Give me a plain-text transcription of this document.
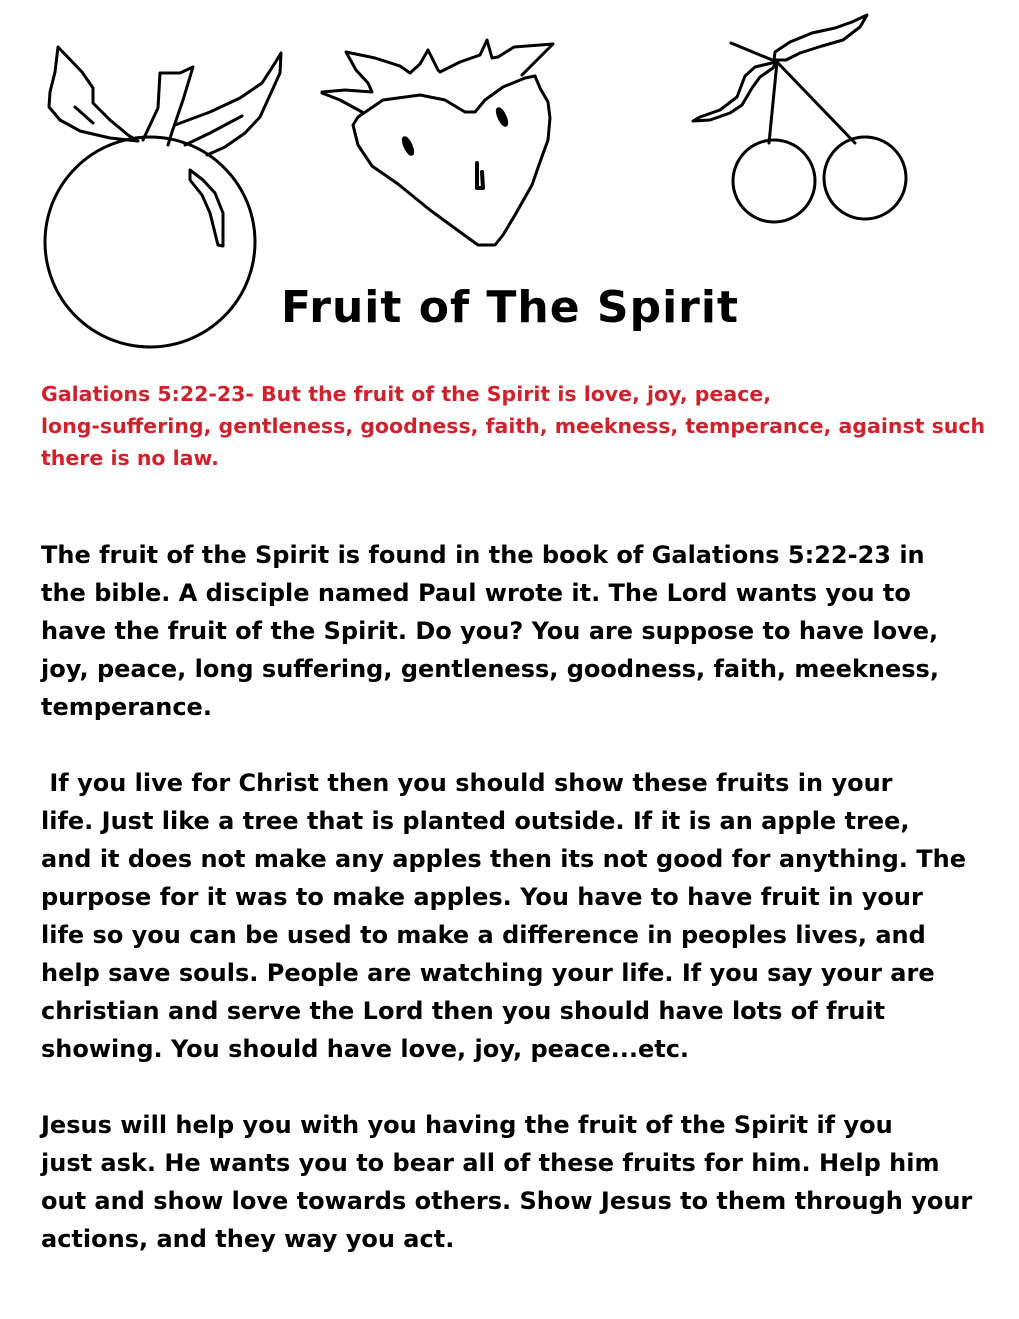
Fruit of The Spirit
Galations 5:22-23- But the fruit of the Spirit is love, joy, peace,
long-suffering, gentleness, goodness, faith, meekness, temperance, against such
there is no law.
The fruit of the Spirit is found in the book of Galations 5:22-23 in
the bible. A disciple named Paul wrote it. The Lord wants you to
have the fruit of the Spirit. Do you? You are suppose to have love,
joy, peace, long suffering, gentleness, goodness, faith, meekness,
temperance.
If you live for Christ then you should show these fruits in your
life. Just like a tree that is planted outside. If it is an apple tree,
and it does not make any apples then its not good for anything. The
purpose for it was to make apples. You have to have fruit in your
life so you can be used to make a difference in peoples lives, and
help save souls. People are watching your life. If you say your are
christian and serve the Lord then you should have lots of fruit
showing. You should have love, joy, peace...etc.
Jesus will help you with you having the fruit of the Spirit if you
just ask. He wants you to bear all of these fruits for him. Help him
out and show love towards others. Show Jesus to them through your
actions, and they way you act.
